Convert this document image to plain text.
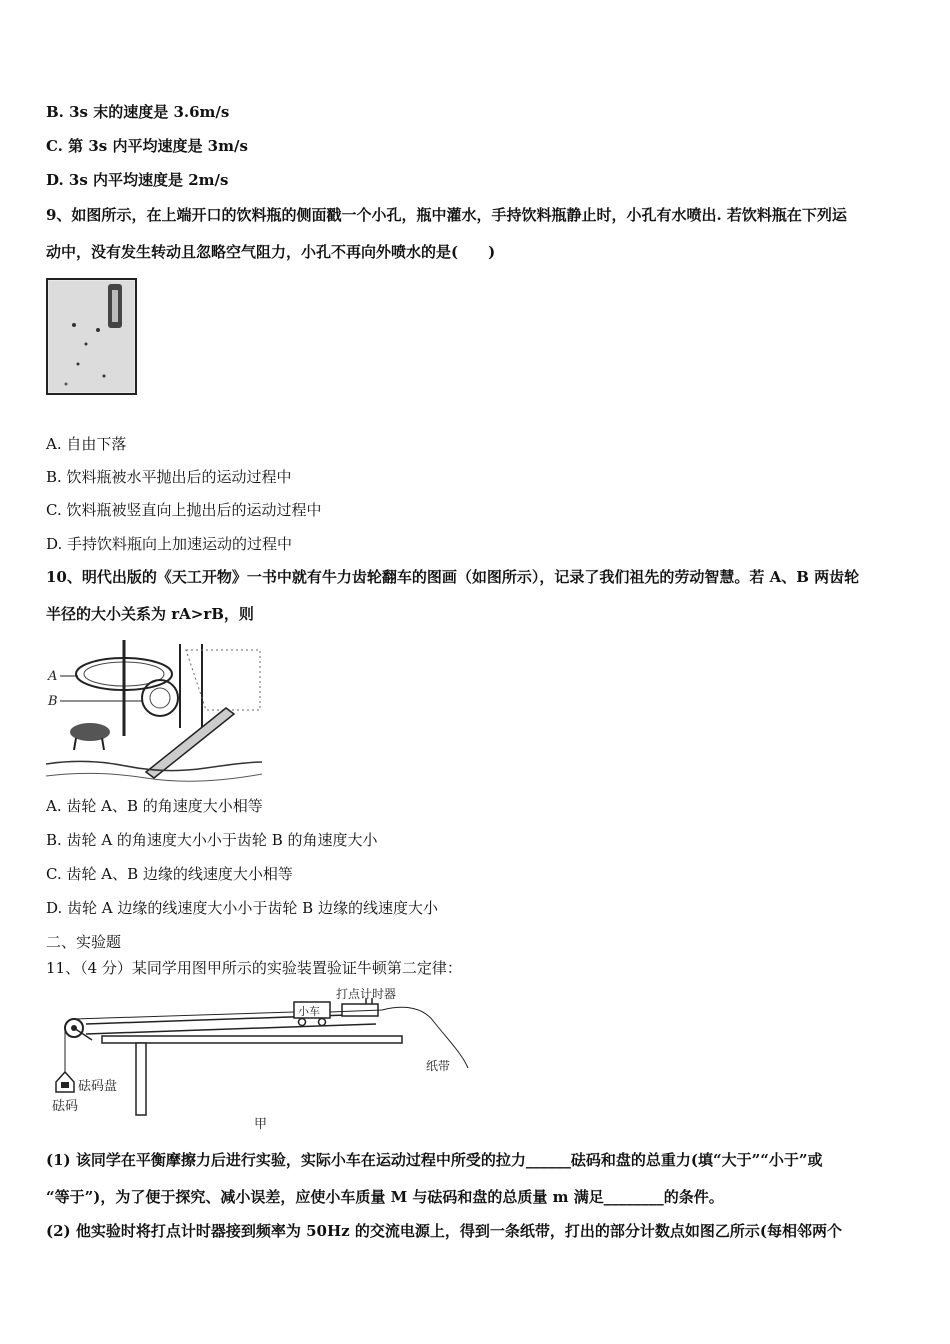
B. 3s 末的速度是 3.6m/s
C. 第 3s 内平均速度是 3m/s
D. 3s 内平均速度是 2m/s
9、如图所示，在上端开口的饮料瓶的侧面戳一个小孔，瓶中灌水，手持饮料瓶静止时，小孔有水喷出. 若饮料瓶在下列运
动中，没有发生转动且忽略空气阻力，小孔不再向外喷水的是(　　)
A. 自由下落
B. 饮料瓶被水平抛出后的运动过程中
C. 饮料瓶被竖直向上抛出后的运动过程中
D. 手持饮料瓶向上加速运动的过程中
10、明代出版的《天工开物》一书中就有牛力齿轮翻车的图画（如图所示），记录了我们祖先的劳动智慧。若 A、B 两齿轮
半径的大小关系为 rA>rB，则
A
B
A. 齿轮 A、B 的角速度大小相等
B. 齿轮 A 的角速度大小小于齿轮 B 的角速度大小
C. 齿轮 A、B 边缘的线速度大小相等
D. 齿轮 A 边缘的线速度大小小于齿轮 B 边缘的线速度大小
二、实验题
11、（4 分）某同学用图甲所示的实验装置验证牛顿第二定律：
小车
打点计时器
纸带
砝码盘
砝码
甲
(1) 该同学在平衡摩擦力后进行实验，实际小车在运动过程中所受的拉力______砝码和盘的总重力(填“大于”“小于”或
“等于”)，为了便于探究、减小误差，应使小车质量 M 与砝码和盘的总质量 m 满足________的条件。
(2) 他实验时将打点计时器接到频率为 50Hz 的交流电源上，得到一条纸带，打出的部分计数点如图乙所示(每相邻两个
